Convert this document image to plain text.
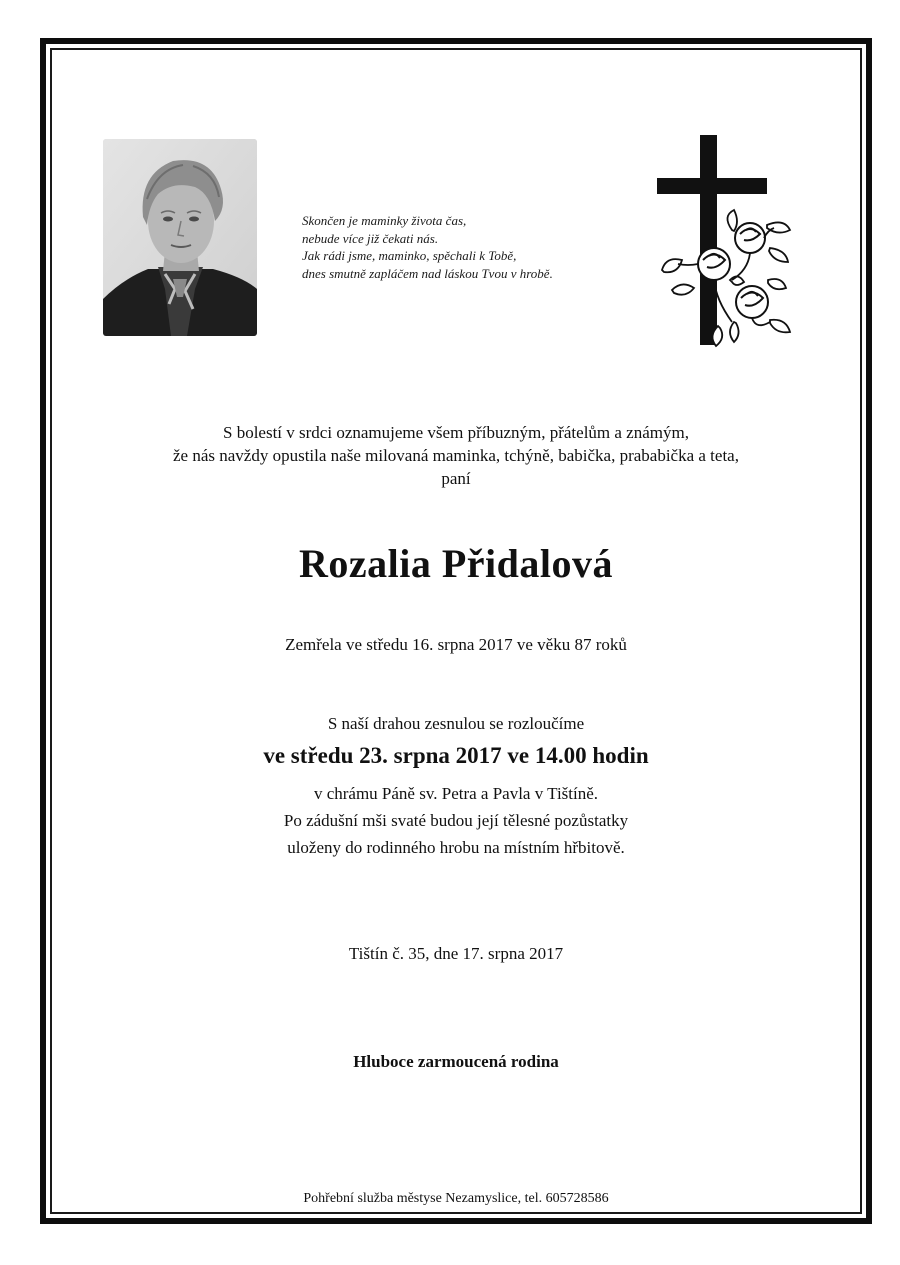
Skončen je maminky života čas,
nebude více již čekati nás.
Jak rádi jsme, maminko, spěchali k Tobě,
dnes smutně zapláčem nad láskou Tvou v hrobě.
S bolestí v srdci oznamujeme všem příbuzným, přátelům a známým,
že nás navždy opustila naše milovaná maminka, tchýně, babička, prababička a teta,
paní
Rozalia Přidalová
Zemřela ve středu 16. srpna 2017 ve věku 87 roků
S naší drahou zesnulou se rozloučíme
ve středu 23. srpna 2017 ve 14.00 hodin
v chrámu Páně sv. Petra a Pavla v Tištíně.
Po zádušní mši svaté budou její tělesné pozůstatky
uloženy do rodinného hrobu na místním hřbitově.
Tištín č. 35, dne 17. srpna 2017
Hluboce zarmoucená rodina
Pohřební služba městyse Nezamyslice, tel. 605728586
